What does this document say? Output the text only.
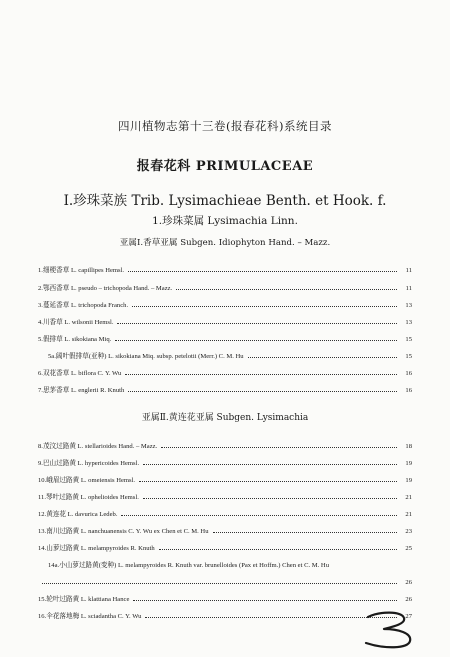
四川植物志第十三卷(报春花科)系统目录
报春花科 PRIMULACEAE
Ⅰ.珍珠菜族 Trib. Lysimachieae Benth. et Hook. f.
1.珍珠菜属 Lysimachia Linn.
亚属Ⅰ.香草亚属 Subgen. Idiophyton Hand. – Mazz.
1.细梗香草 L. capillipes Hemsl.	11
2.鄂西香草 L. pseudo – trichopoda Hand. – Mazz.	11
3.蔓延香草 L. trichopoda Franch.	13
4.川香草 L. wilsonii Hemsl.	13
5.假排草 L. sikokiana Miq.	15
5a.阔叶假排草(亚种) L. sikokiana Miq. subsp. petelotii (Merr.) C. M. Hu	15
6.双花香草 L. biflora C. Y. Wu	16
7.思茅香草 L. englerii R. Knuth	16
亚属Ⅱ.黄连花亚属 Subgen. Lysimachia
8.茂汶过路黄 L. stellarioides Hand. – Mazz.	18
9.巴山过路黄 L. hypericoides Hemsl.	19
10.峨眉过路黄 L. omeiensis Hemsl.	19
11.琴叶过路黄 L. ophelioides Hemsl.	21
12.黄连花 L. davurica Ledeb.	21
13.南川过路黄 L. nanchuanensis C. Y. Wu ex Chen et C. M. Hu	23
14.山萝过路黄 L. melampyroides R. Knuth	25
14a.小山萝过路黄(变种) L. melampyroides R. Knuth var. brunelloides (Pax et Hoffm.) Chen et C. M. Hu
26
15.轮叶过路黄 L. klattiana Hance	26
16.伞花落地梅 L. sciadantha C. Y. Wu	27
